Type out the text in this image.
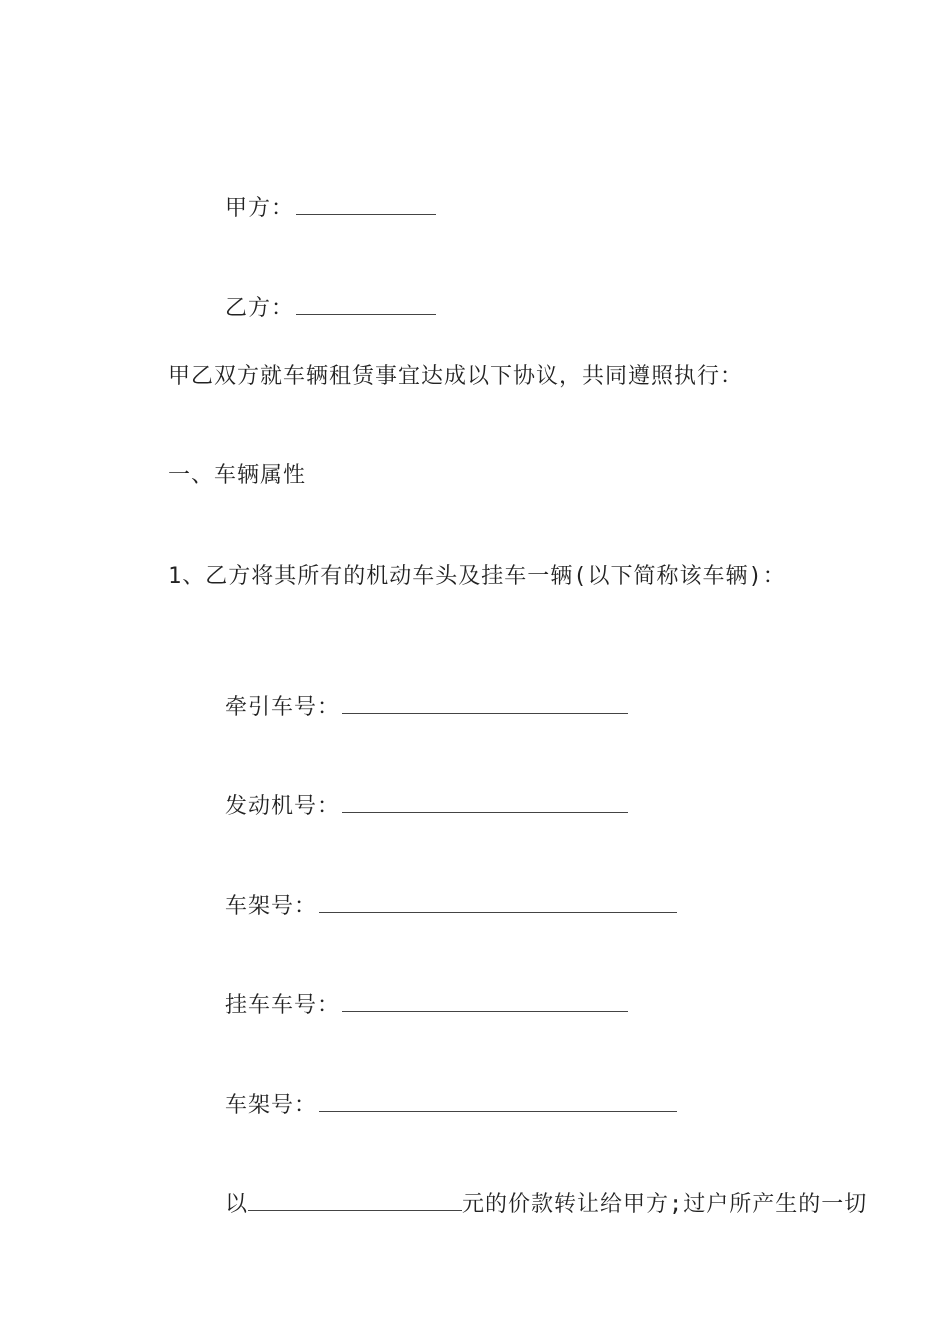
甲方：

乙方：

甲乙双方就车辆租赁事宜达成以下协议，共同遵照执行：
一、车辆属性
1、乙方将其所有的机动车头及挂车一辆(以下简称该车辆)：

牵引车号：

发动机号：

车架号：

挂车车号：

车架号：

以	元的价款转让给甲方;过户所产生的一切
